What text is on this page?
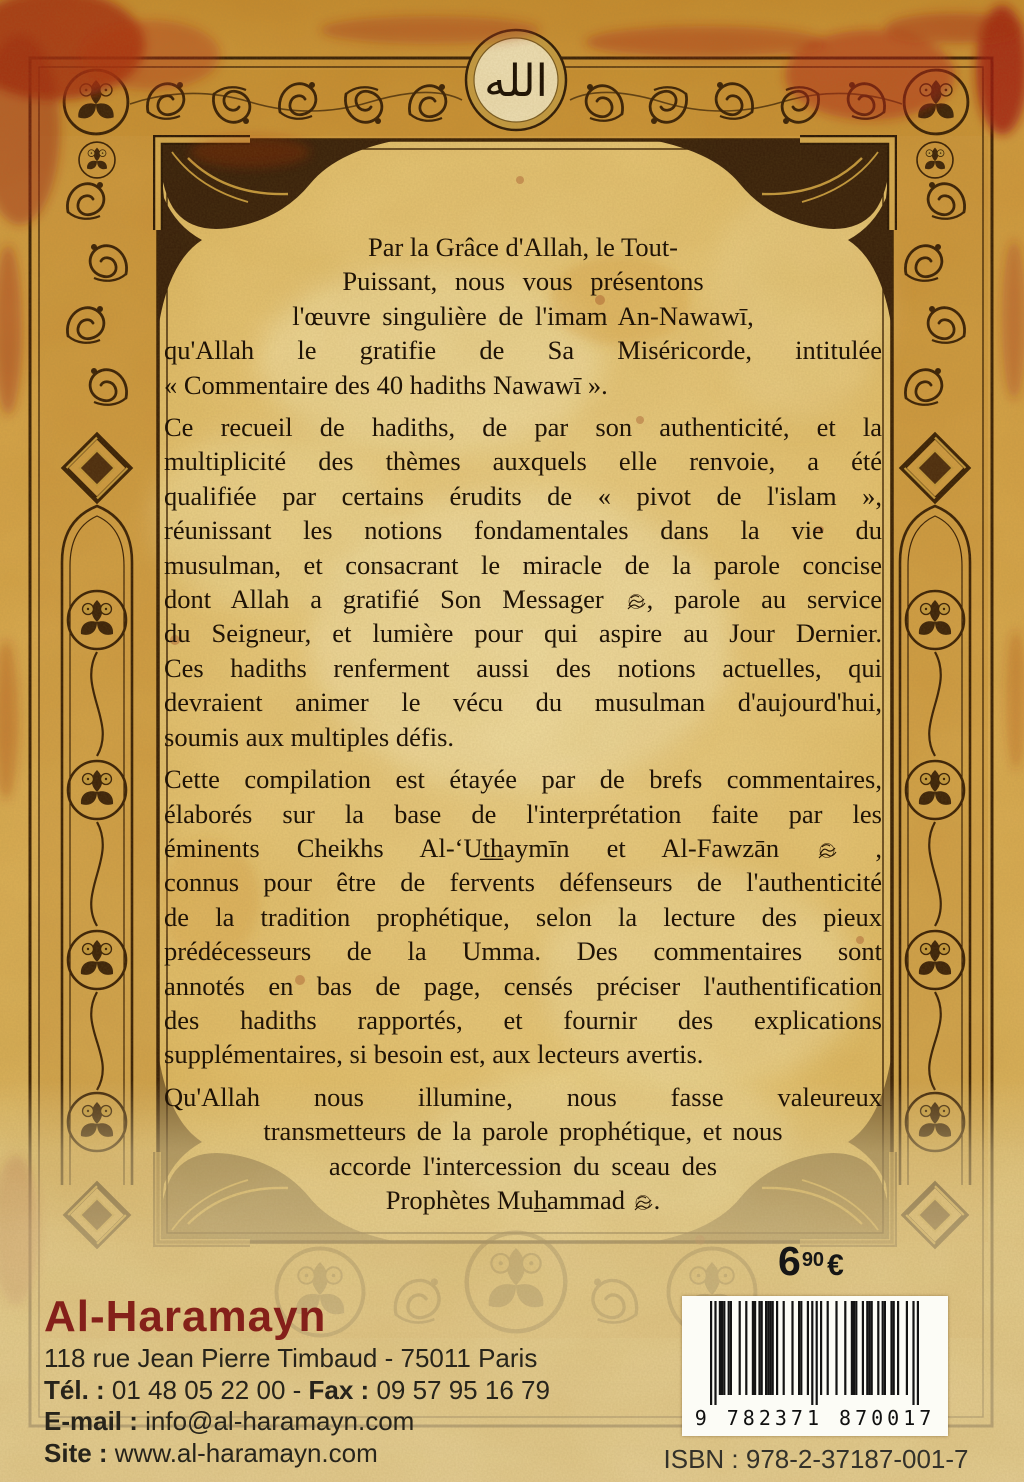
الله
Par la Grâce d'Allah, le Tout-
Puissant, nous vous présentons
l'œuvre singulière de l'imam An-Nawawī,
qu'Allah le gratifie de Sa Miséricorde, intitulée
« Commentaire des 40 hadiths Nawawī ».
Ce recueil de hadiths, de par son authenticité, et la
multiplicité des thèmes auxquels elle renvoie, a été
qualifiée par certains érudits de « pivot de l'islam »,
réunissant les notions fondamentales dans la vie du
musulman, et consacrant le miracle de la parole concise
dont Allah a gratifié Son Messager , parole au service
du Seigneur, et lumière pour qui aspire au Jour Dernier.
Ces hadiths renferment aussi des notions actuelles, qui
devraient animer le vécu du musulman d'aujourd'hui,
soumis aux multiples défis.
Cette compilation est étayée par de brefs commentaires,
élaborés sur la base de l'interprétation faite par les
éminents Cheikhs Al-‘Ut̲h̲aymīn et Al-Fawzān  ,
connus pour être de fervents défenseurs de l'authenticité
de la tradition prophétique, selon la lecture des pieux
prédécesseurs de la Umma. Des commentaires sont
annotés en bas de page, censés préciser l'authentification
des hadiths rapportés, et fournir des explications
supplémentaires, si besoin est, aux lecteurs avertis.
Qu'Allah nous illumine, nous fasse valeureux
transmetteurs de la parole prophétique, et nous
accorde l'intercession du sceau des
Prophètes Muh̲ammad .
$6^{90}$ €
9 782371 870017
ISBN : 978-2-37187-001-7
Al-Haramayn
118 rue Jean Pierre Timbaud - 75011 Paris
Tél. : 01 48 05 22 00 - Fax : 09 57 95 16 79
E-mail : info@al-haramayn.com
Site : www.al-haramayn.com
